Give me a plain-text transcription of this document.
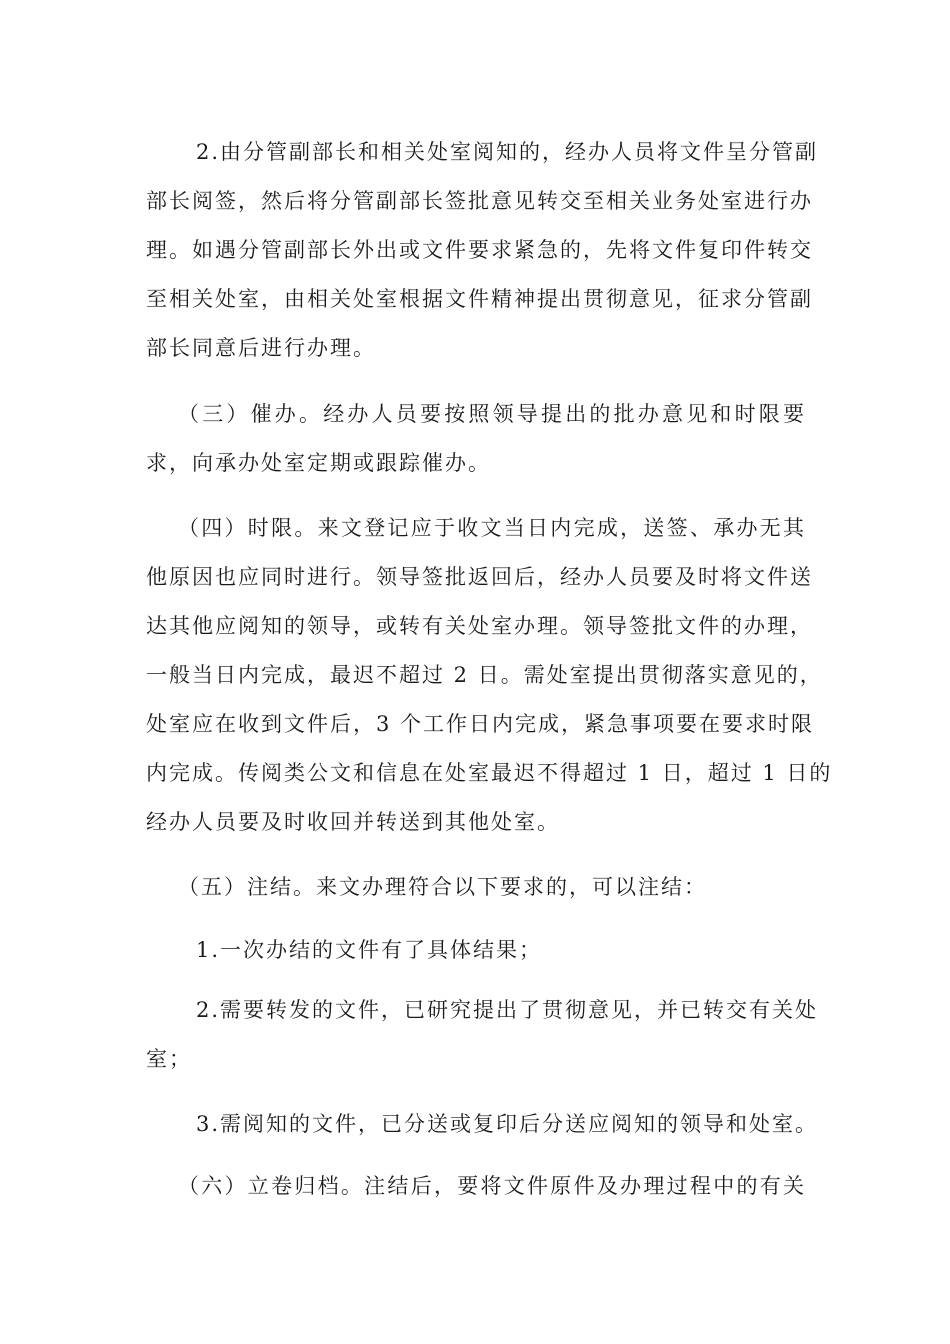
2.由分管副部长和相关处室阅知的，经办人员将文件呈分管副
部长阅签，然后将分管副部长签批意见转交至相关业务处室进行办
理。如遇分管副部长外出或文件要求紧急的，先将文件复印件转交
至相关处室，由相关处室根据文件精神提出贯彻意见，征求分管副
部长同意后进行办理。
（三）催办。经办人员要按照领导提出的批办意见和时限要
求，向承办处室定期或跟踪催办。
（四）时限。来文登记应于收文当日内完成，送签、承办无其
他原因也应同时进行。领导签批返回后，经办人员要及时将文件送
达其他应阅知的领导，或转有关处室办理。领导签批文件的办理，
一般当日内完成，最迟不超过 2 日。需处室提出贯彻落实意见的，
处室应在收到文件后，3 个工作日内完成，紧急事项要在要求时限
内完成。传阅类公文和信息在处室最迟不得超过 1 日，超过 1 日的
经办人员要及时收回并转送到其他处室。
（五）注结。来文办理符合以下要求的，可以注结：
1.一次办结的文件有了具体结果；
2.需要转发的文件，已研究提出了贯彻意见，并已转交有关处
室；
3.需阅知的文件，已分送或复印后分送应阅知的领导和处室。
（六）立卷归档。注结后，要将文件原件及办理过程中的有关
